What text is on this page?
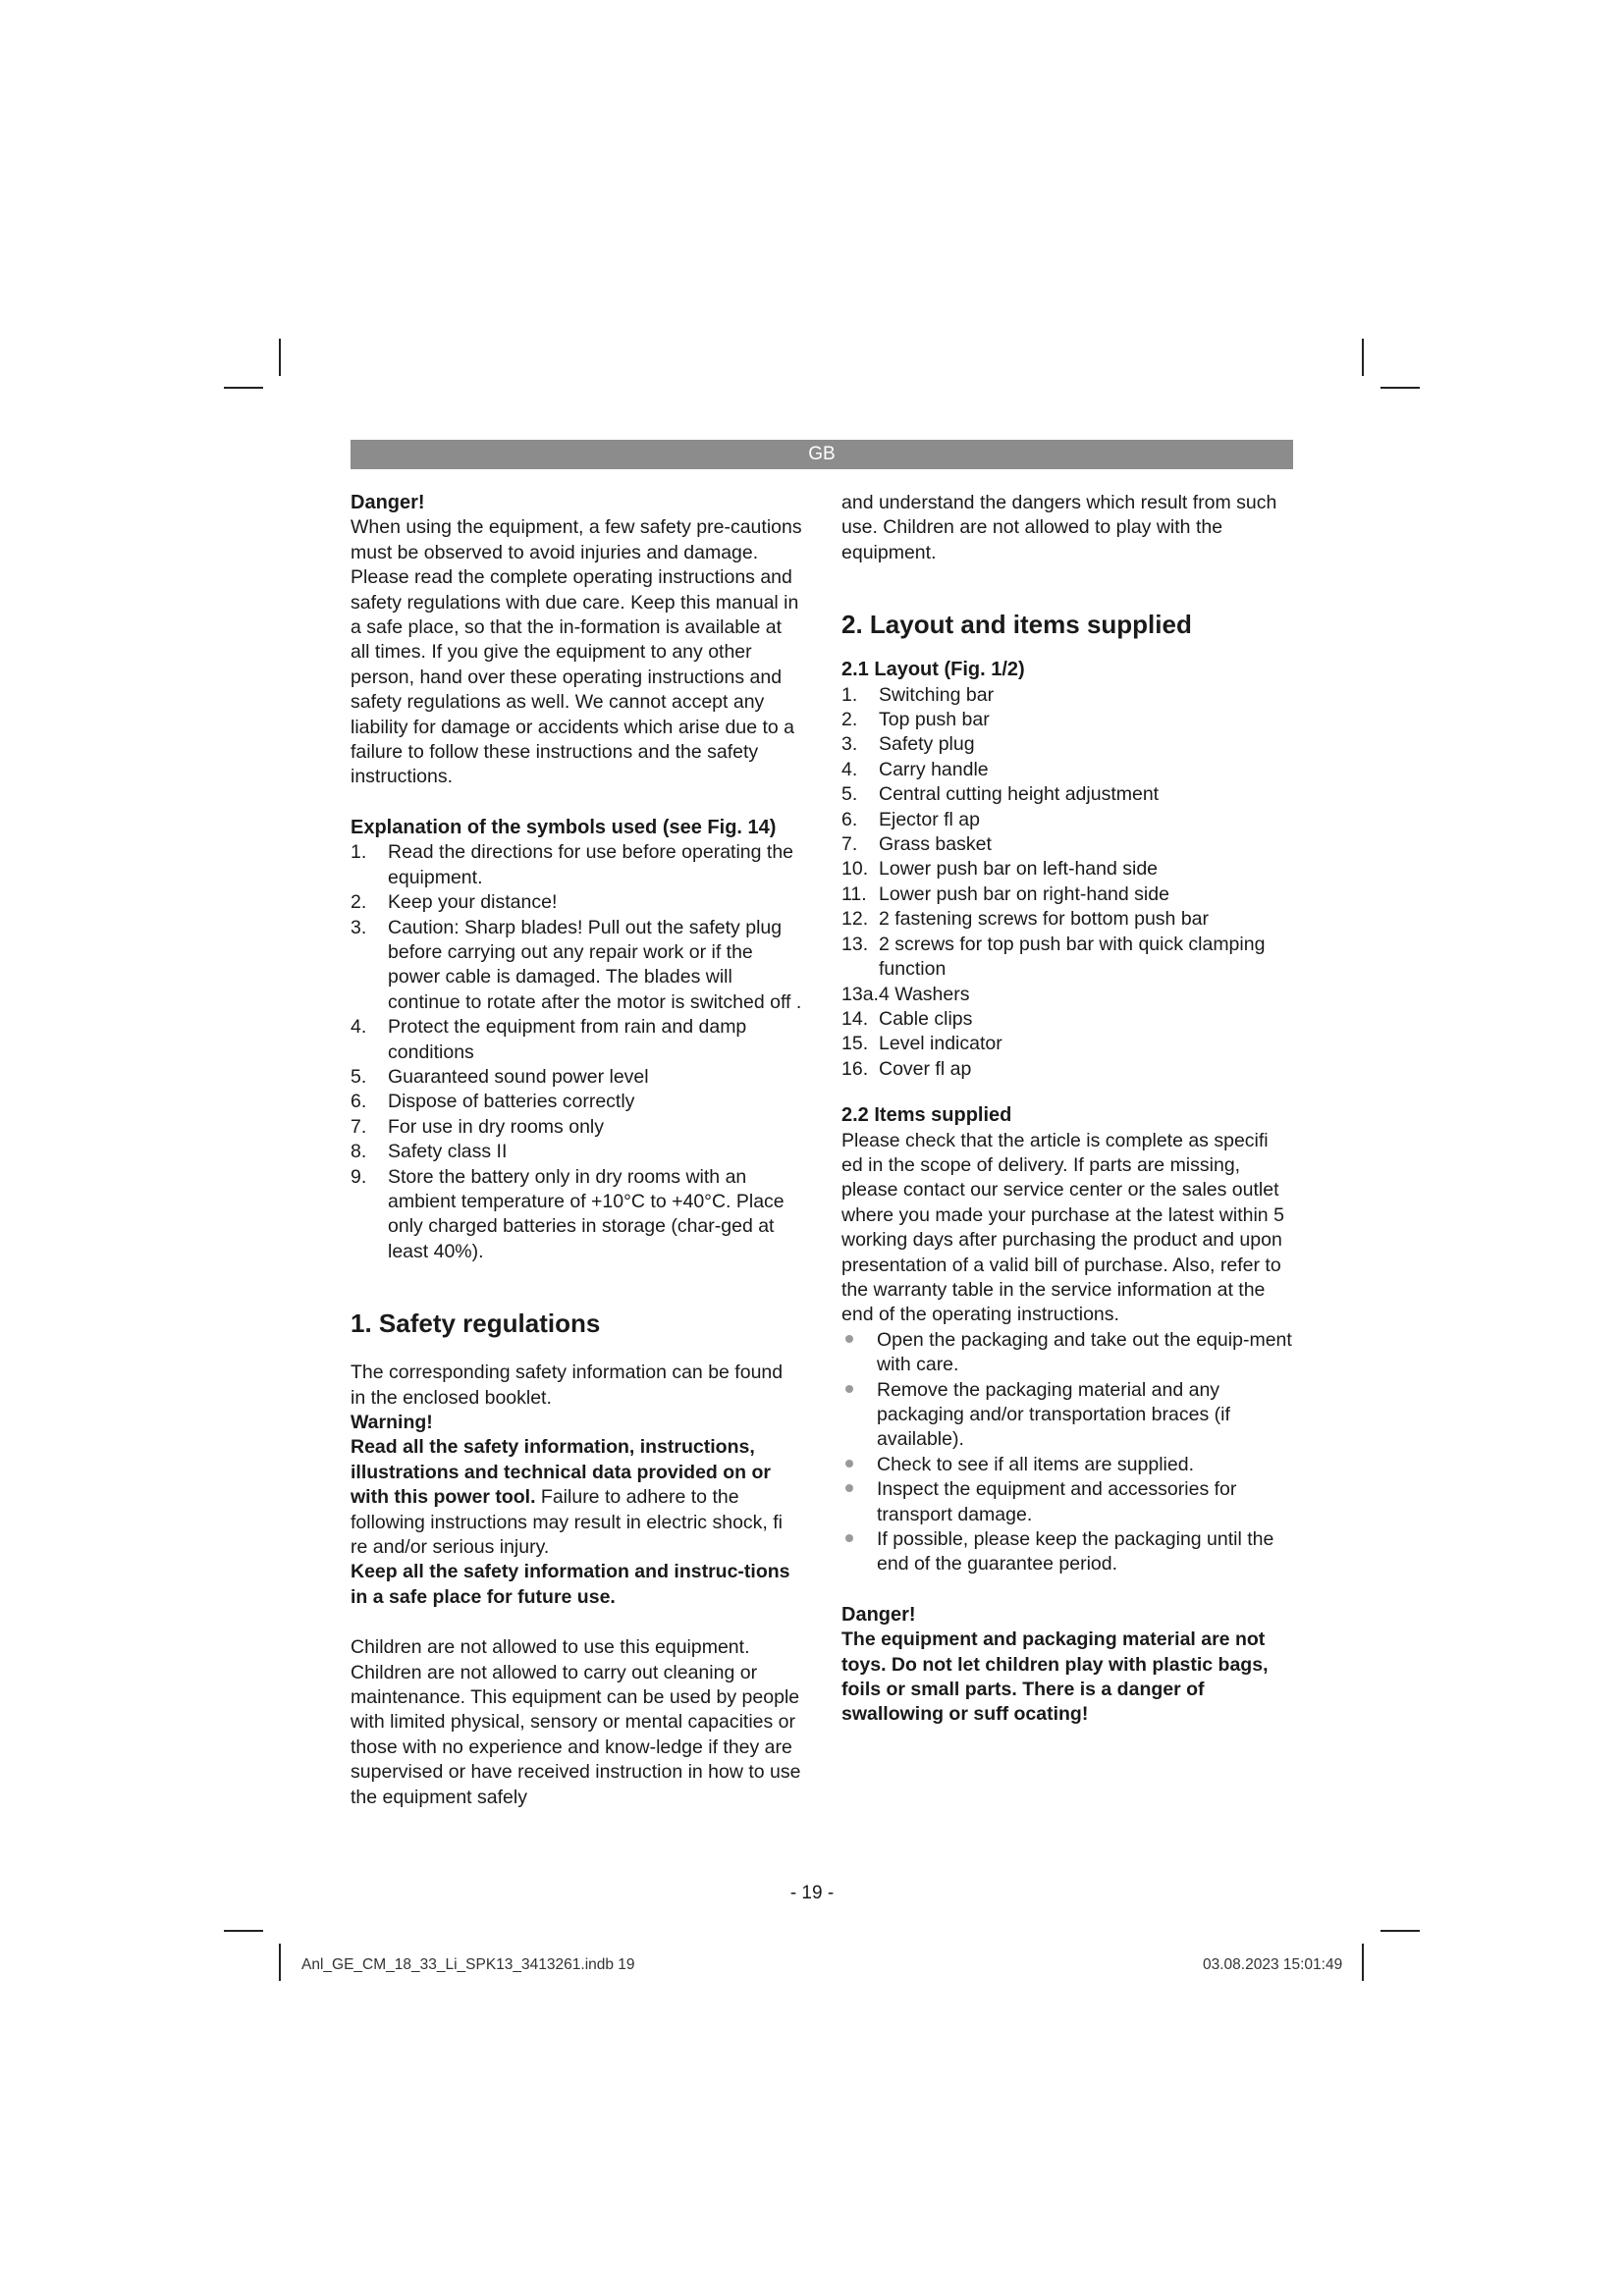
GB

Danger!

When using the equipment, a few safety pre-cautions must be observed to avoid injuries and damage. Please read the complete operating instructions and safety regulations with due care. Keep this manual in a safe place, so that the in-formation is available at all times. If you give the equipment to any other person, hand over these operating instructions and safety regulations as well. We cannot accept any liability for damage or accidents which arise due to a failure to follow these instructions and the safety instructions.

Explanation of the symbols used (see Fig. 14)

1. Read the directions for use before operating the equipment.
2. Keep your distance!
3. Caution: Sharp blades! Pull out the safety plug before carrying out any repair work or if the power cable is damaged. The blades will continue to rotate after the motor is switched off .
4. Protect the equipment from rain and damp conditions
5. Guaranteed sound power level
6. Dispose of batteries correctly
7. For use in dry rooms only
8. Safety class II
9. Store the battery only in dry rooms with an ambient temperature of +10°C to +40°C. Place only charged batteries in storage (char-ged at least 40%).

1. Safety regulations

The corresponding safety information can be found in the enclosed booklet.

Warning!

Read all the safety information, instructions, illustrations and technical data provided on or with this power tool. Failure to adhere to the following instructions may result in electric shock, fi re and/or serious injury.

Keep all the safety information and instruc-tions in a safe place for future use.

Children are not allowed to use this equipment. Children are not allowed to carry out cleaning or maintenance. This equipment can be used by people with limited physical, sensory or mental capacities or those with no experience and know-ledge if they are supervised or have received instruction in how to use the equipment safely

and understand the dangers which result from such use. Children are not allowed to play with the equipment.

2. Layout and items supplied

2.1 Layout (Fig. 1/2)

1. Switching bar
2. Top push bar
3. Safety plug
4. Carry handle
5. Central cutting height adjustment
6. Ejector fl ap
7. Grass basket
10. Lower push bar on left-hand side
11. Lower push bar on right-hand side
12. 2 fastening screws for bottom push bar
13. 2 screws for top push bar with quick clamping function
13a. 4 Washers
14. Cable clips
15. Level indicator
16. Cover fl ap

2.2 Items supplied

Please check that the article is complete as specifi ed in the scope of delivery. If parts are missing, please contact our service center or the sales outlet where you made your purchase at the latest within 5 working days after purchasing the product and upon presentation of a valid bill of purchase. Also, refer to the warranty table in the service information at the end of the operating instructions.

Open the packaging and take out the equip-ment with care.
Remove the packaging material and any packaging and/or transportation braces (if available).
Check to see if all items are supplied.
Inspect the equipment and accessories for transport damage.
If possible, please keep the packaging until the end of the guarantee period.

Danger!

The equipment and packaging material are not toys. Do not let children play with plastic bags, foils or small parts. There is a danger of swallowing or suff ocating!

- 19 -
Anl_GE_CM_18_33_Li_SPK13_3413261.indb 19	03.08.2023 15:01:49
